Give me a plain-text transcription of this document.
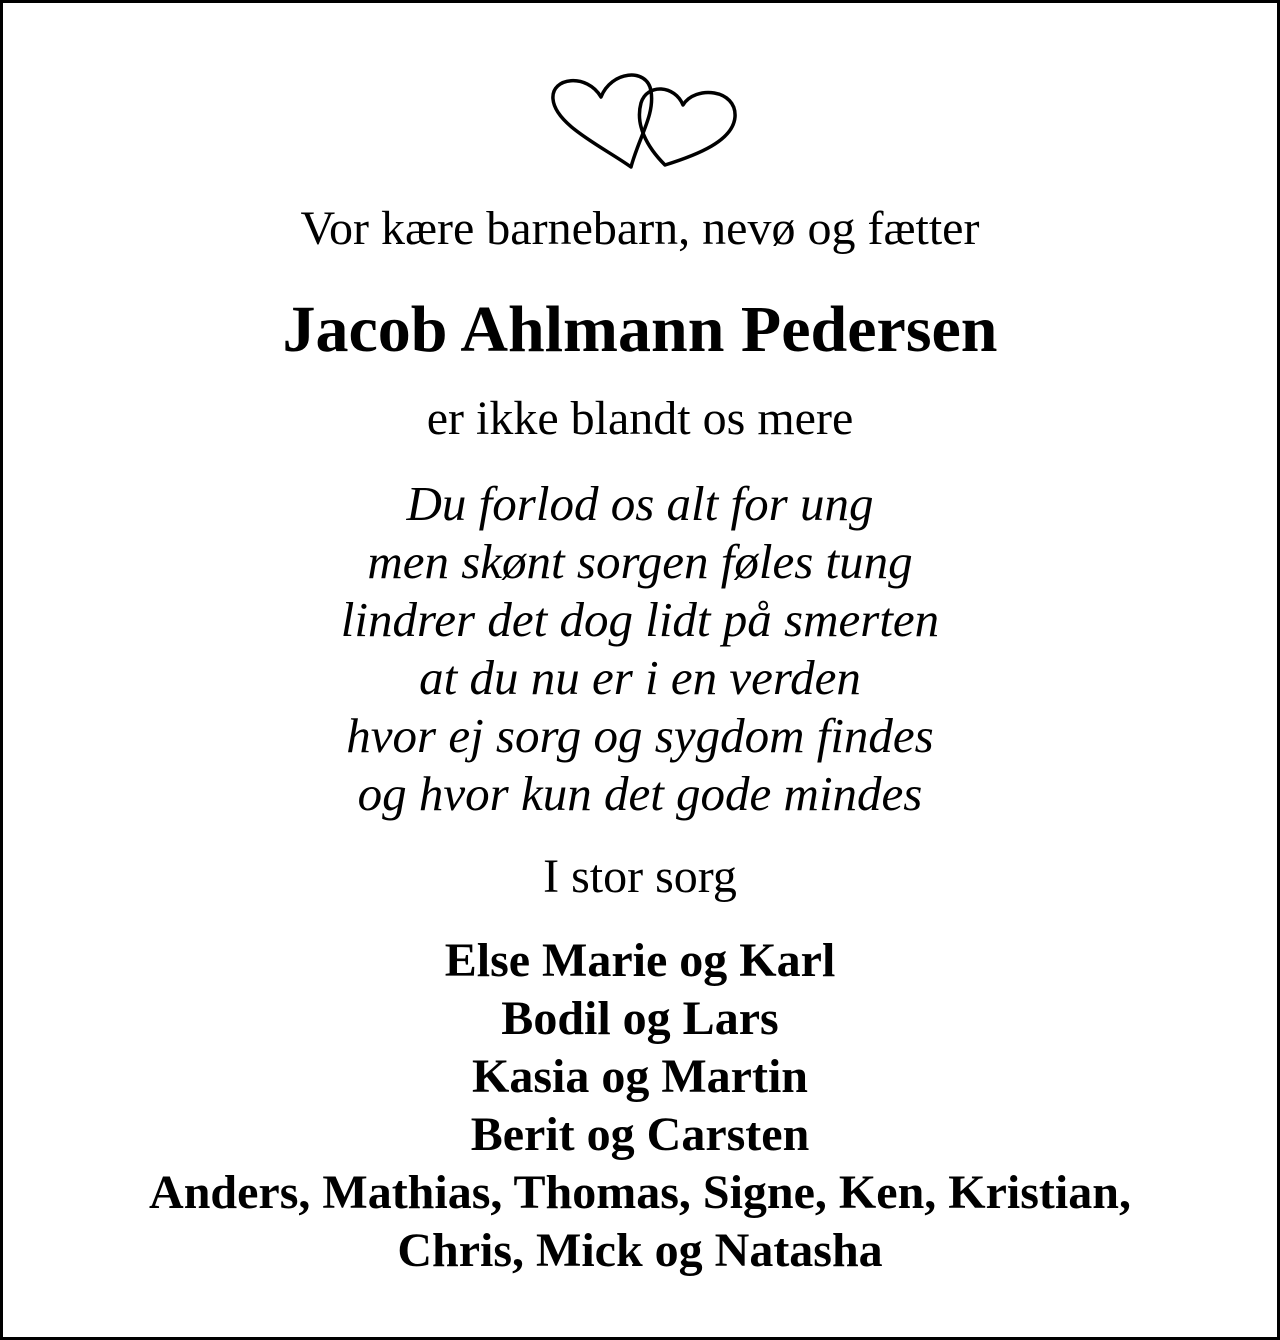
Vor kære barnebarn, nevø og fætter

Jacob Ahlmann Pedersen

er ikke blandt os mere

Du forlod os alt for ung
men skønt sorgen føles tung
lindrer det dog lidt på smerten
at du nu er i en verden
hvor ej sorg og sygdom findes
og hvor kun det gode mindes

I stor sorg

Else Marie og Karl
Bodil og Lars
Kasia og Martin
Berit og Carsten
Anders, Mathias, Thomas, Signe, Ken, Kristian,
Chris, Mick og Natasha
